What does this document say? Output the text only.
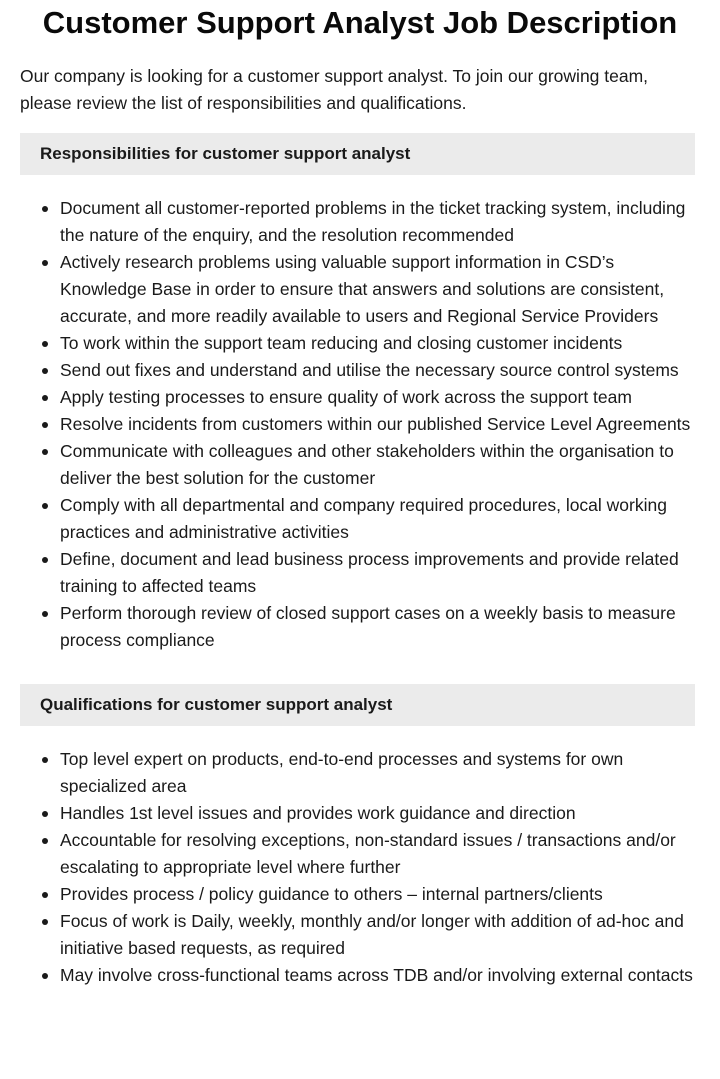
Customer Support Analyst Job Description

Our company is looking for a customer support analyst. To join our growing team, please review the list of responsibilities and qualifications.

Responsibilities for customer support analyst
Document all customer-reported problems in the ticket tracking system, including the nature of the enquiry, and the resolution recommended
Actively research problems using valuable support information in CSD’s Knowledge Base in order to ensure that answers and solutions are consistent, accurate, and more readily available to users and Regional Service Providers
To work within the support team reducing and closing customer incidents
Send out fixes and understand and utilise the necessary source control systems
Apply testing processes to ensure quality of work across the support team
Resolve incidents from customers within our published Service Level Agreements
Communicate with colleagues and other stakeholders within the organisation to deliver the best solution for the customer
Comply with all departmental and company required procedures, local working practices and administrative activities
Define, document and lead business process improvements and provide related training to affected teams
Perform thorough review of closed support cases on a weekly basis to measure process compliance
Qualifications for customer support analyst
Top level expert on products, end-to-end processes and systems for own specialized area
Handles 1st level issues and provides work guidance and direction
Accountable for resolving exceptions, non-standard issues / transactions and/or escalating to appropriate level where further
Provides process / policy guidance to others – internal partners/clients
Focus of work is Daily, weekly, monthly and/or longer with addition of ad-hoc and initiative based requests, as required
May involve cross-functional teams across TDB and/or involving external contacts
